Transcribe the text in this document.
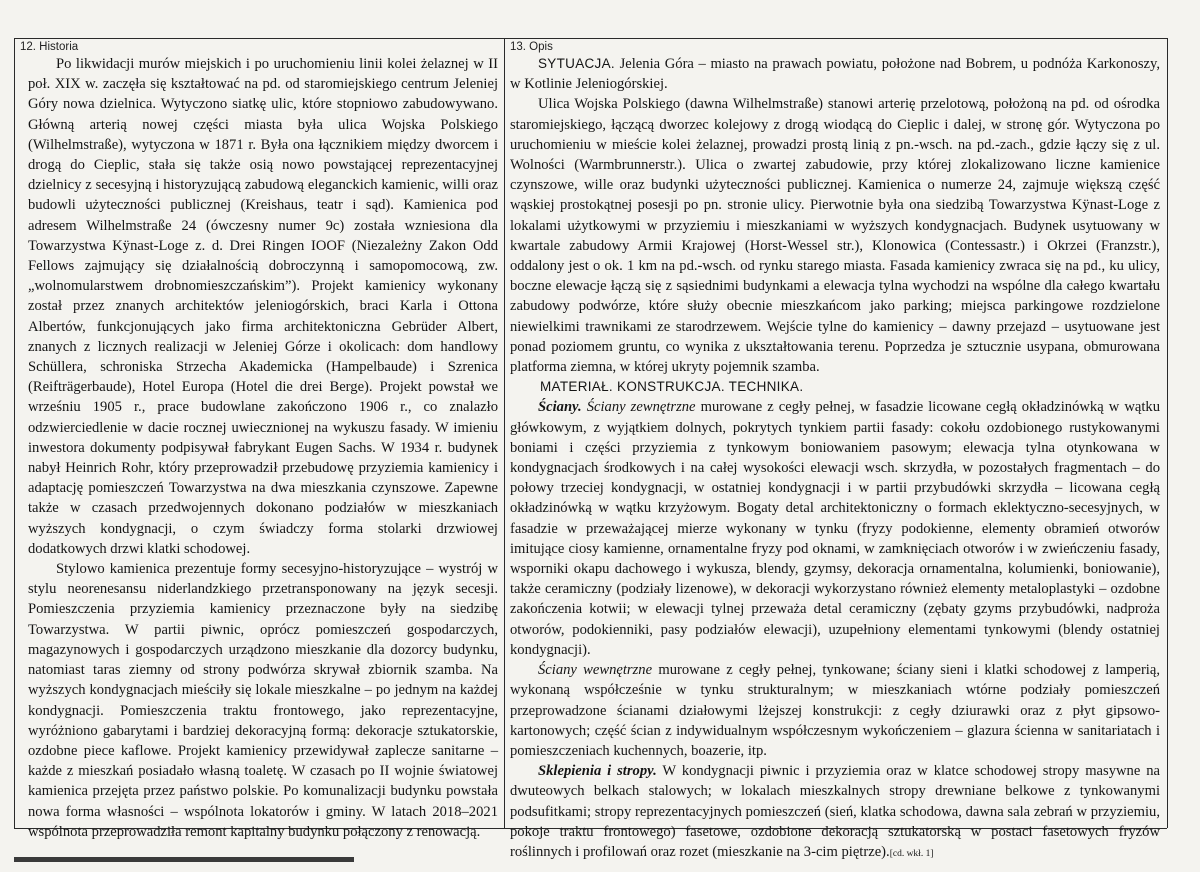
12. Historia

Po likwidacji murów miejskich i po uruchomieniu linii kolei żelaznej w II poł. XIX w. zaczęła się kształtować na pd. od staromiejskiego centrum Jeleniej Góry nowa dzielnica. Wytyczono siatkę ulic, które stopniowo zabudowywano. Główną arterią nowej części miasta była ulica Wojska Polskiego (Wilhelmstraße), wytyczona w 1871 r. Była ona łącznikiem między dworcem i drogą do Cieplic, stała się także osią nowo powstającej reprezentacyjnej dzielnicy z secesyjną i historyzującą zabudową eleganckich kamienic, willi oraz budowli użyteczności publicznej (Kreishaus, teatr i sąd). Kamienica pod adresem Wilhelmstraße 24 (ówczesny numer 9c) została wzniesiona dla Towarzystwa Kÿnast-Loge z. d. Drei Ringen IOOF (Niezależny Zakon Odd Fellows zajmujący się działalnością dobroczynną i samopomocową, zw. „wolnomularstwem drobnomieszczańskim”). Projekt kamienicy wykonany został przez znanych architektów jeleniogórskich, braci Karla i Ottona Albertów, funkcjonujących jako firma architektoniczna Gebrüder Albert, znanych z licznych realizacji w Jeleniej Górze i okolicach: dom handlowy Schüllera, schroniska Strzecha Akademicka (Hampelbaude) i Szrenica (Reifträgerbaude), Hotel Europa (Hotel die drei Berge). Projekt powstał we wrześniu 1905 r., prace budowlane zakończono 1906 r., co znalazło odzwierciedlenie w dacie rocznej uwiecznionej na wykuszu fasady. W imieniu inwestora dokumenty podpisywał fabrykant Eugen Sachs. W 1934 r. budynek nabył Heinrich Rohr, który przeprowadził przebudowę przyziemia kamienicy i adaptację pomieszczeń Towarzystwa na dwa mieszkania czynszowe. Zapewne także w czasach przedwojennych dokonano podziałów w mieszkaniach wyższych kondygnacji, o czym świadczy forma stolarki drzwiowej dodatkowych drzwi klatki schodowej.

Stylowo kamienica prezentuje formy secesyjno-historyzujące – wystrój w stylu neorenesansu niderlandzkiego przetransponowany na język secesji. Pomieszczenia przyziemia kamienicy przeznaczone były na siedzibę Towarzystwa. W partii piwnic, oprócz pomieszczeń gospodarczych, magazynowych i gospodarczych urządzono mieszkanie dla dozorcy budynku, natomiast taras ziemny od strony podwórza skrywał zbiornik szamba. Na wyższych kondygnacjach mieściły się lokale mieszkalne – po jednym na każdej kondygnacji. Pomieszczenia traktu frontowego, jako reprezentacyjne, wyróżniono gabarytami i bardziej dekoracyjną formą: dekoracje sztukatorskie, ozdobne piece kaflowe. Projekt kamienicy przewidywał zaplecze sanitarne – każde z mieszkań posiadało własną toaletę. W czasach po II wojnie światowej kamienica przejęta przez państwo polskie. Po komunalizacji budynku powstała nowa forma własności – wspólnota lokatorów i gminy. W latach 2018–2021 wspólnota przeprowadziła remont kapitalny budynku połączony z renowacją.

13. Opis

SYTUACJA. Jelenia Góra – miasto na prawach powiatu, położone nad Bobrem, u podnóża Karkonoszy, w Kotlinie Jeleniogórskiej.

Ulica Wojska Polskiego (dawna Wilhelmstraße) stanowi arterię przelotową, położoną na pd. od ośrodka staromiejskiego, łączącą dworzec kolejowy z drogą wiodącą do Cieplic i dalej, w stronę gór. Wytyczona po uruchomieniu w mieście kolei żelaznej, prowadzi prostą linią z pn.-wsch. na pd.-zach., gdzie łączy się z ul. Wolności (Warmbrunnerstr.). Ulica o zwartej zabudowie, przy której zlokalizowano liczne kamienice czynszowe, wille oraz budynki użyteczności publicznej. Kamienica o numerze 24, zajmuje większą część wąskiej prostokątnej posesji po pn. stronie ulicy. Pierwotnie była ona siedzibą Towarzystwa Kÿnast-Loge z lokalami użytkowymi w przyziemiu i mieszkaniami w wyższych kondygnacjach. Budynek usytuowany w kwartale zabudowy Armii Krajowej (Horst-Wessel str.), Klonowica (Contessastr.) i Okrzei (Franzstr.), oddalony jest o ok. 1 km na pd.-wsch. od rynku starego miasta. Fasada kamienicy zwraca się na pd., ku ulicy, boczne elewacje łączą się z sąsiednimi budynkami a elewacja tylna wychodzi na wspólne dla całego kwartału zabudowy podwórze, które służy obecnie mieszkańcom jako parking; miejsca parkingowe rozdzielone niewielkimi trawnikami ze starodrzewem. Wejście tylne do kamienicy – dawny przejazd – usytuowane jest ponad poziomem gruntu, co wynika z ukształtowania terenu. Poprzedza je sztucznie usypana, obmurowana platforma ziemna, w której ukryty pojemnik szamba.

MATERIAŁ. KONSTRUKCJA. TECHNIKA.

Ściany. Ściany zewnętrzne murowane z cegły pełnej, w fasadzie licowane cegłą okładzinówką w wątku główkowym, z wyjątkiem dolnych, pokrytych tynkiem partii fasady: cokołu ozdobionego rustykowanymi boniami i części przyziemia z tynkowym boniowaniem pasowym; elewacja tylna otynkowana w kondygnacjach środkowych i na całej wysokości elewacji wsch. skrzydła, w pozostałych fragmentach – do połowy trzeciej kondygnacji, w ostatniej kondygnacji i w partii przybudówki skrzydła – licowana cegłą okładzinówką w wątku krzyżowym. Bogaty detal architektoniczny o formach eklektyczno-secesyjnych, w fasadzie w przeważającej mierze wykonany w tynku (fryzy podokienne, elementy obramień otworów imitujące ciosy kamienne, ornamentalne fryzy pod oknami, w zamknięciach otworów i w zwieńczeniu fasady, wsporniki okapu dachowego i wykusza, blendy, gzymsy, dekoracja ornamentalna, kolumienki, boniowanie), także ceramiczny (podziały lizenowe), w dekoracji wykorzystano również elementy metaloplastyki – ozdobne zakończenia kotwii; w elewacji tylnej przeważa detal ceramiczny (zębaty gzyms przybudówki, nadproża otworów, podokienniki, pasy podziałów elewacji), uzupełniony elementami tynkowymi (blendy ostatniej kondygnacji).

Ściany wewnętrzne murowane z cegły pełnej, tynkowane; ściany sieni i klatki schodowej z lamperią, wykonaną współcześnie w tynku strukturalnym; w mieszkaniach wtórne podziały pomieszczeń przeprowadzone ścianami działowymi lżejszej konstrukcji: z cegły dziurawki oraz z płyt gipsowo-kartonowych; część ścian z indywidualnym współczesnym wykończeniem – glazura ścienna w sanitariatach i pomieszczeniach kuchennych, boazerie, itp.

Sklepienia i stropy. W kondygnacji piwnic i przyziemia oraz w klatce schodowej stropy masywne na dwuteowych belkach stalowych; w lokalach mieszkalnych stropy drewniane belkowe z tynkowanymi podsufitkami; stropy reprezentacyjnych pomieszczeń (sień, klatka schodowa, dawna sala zebrań w przyziemiu, pokoje traktu frontowego) fasetowe, ozdobione dekoracją sztukatorską w postaci fasetowych fryzów roślinnych i profilowań oraz rozet (mieszkanie na 3-cim piętrze).[cd. wkł. 1]
